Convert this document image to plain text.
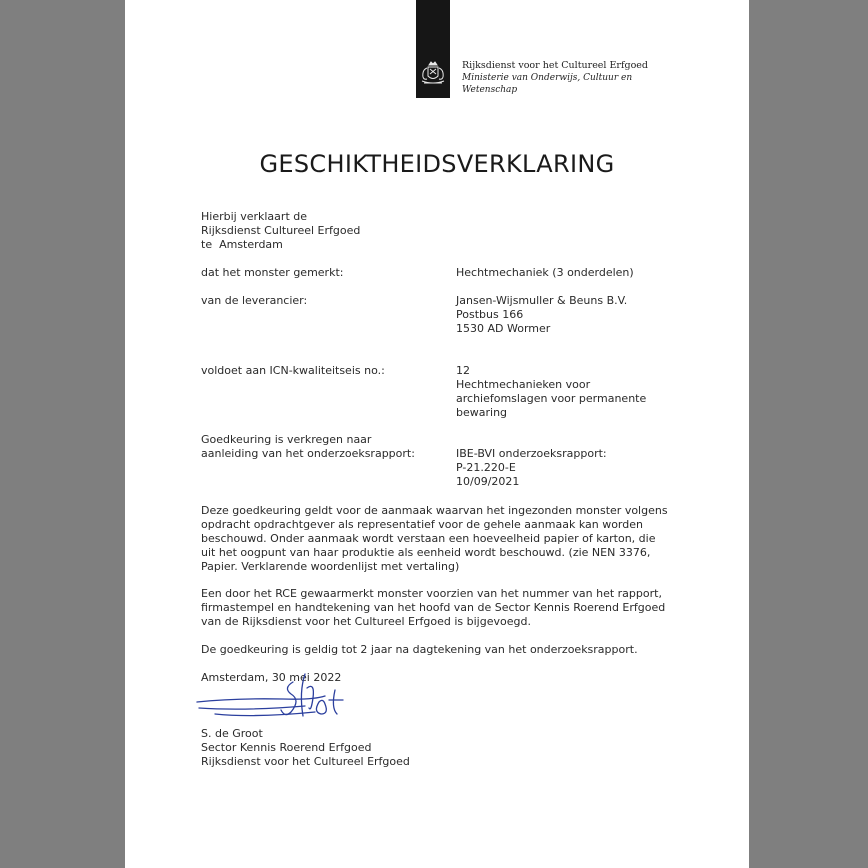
Rijksdienst voor het Cultureel Erfgoed
Ministerie van Onderwijs, Cultuur en
Wetenschap
GESCHIKTHEIDSVERKLARING
Hierbij verklaart de
Rijksdienst Cultureel Erfgoed
te  Amsterdam
dat het monster gemerkt:	Hechtmechaniek (3 onderdelen)
van de leverancier:	Jansen-Wijsmuller & Beuns B.V.
Postbus 166
1530 AD Wormer
voldoet aan ICN-kwaliteitseis no.:	12
Hechtmechanieken voor
archiefomslagen voor permanente
bewaring
Goedkeuring is verkregen naar
aanleiding van het onderzoeksrapport:	IBE-BVI onderzoeksrapport:
P-21.220-E
10/09/2021
Deze goedkeuring geldt voor de aanmaak waarvan het ingezonden monster volgens opdracht opdrachtgever als representatief voor de gehele aanmaak kan worden beschouwd. Onder aanmaak wordt verstaan een hoeveelheid papier of karton, die uit het oogpunt van haar produktie als eenheid wordt beschouwd. (zie NEN 3376, Papier. Verklarende woordenlijst met vertaling)
Een door het RCE gewaarmerkt monster voorzien van het nummer van het rapport, firmastempel en handtekening van het hoofd van de Sector Kennis Roerend Erfgoed van de Rijksdienst voor het Cultureel Erfgoed is bijgevoegd.
De goedkeuring is geldig tot 2 jaar na dagtekening van het onderzoeksrapport.
Amsterdam, 30 mei 2022
S. de Groot
Sector Kennis Roerend Erfgoed
Rijksdienst voor het Cultureel Erfgoed
